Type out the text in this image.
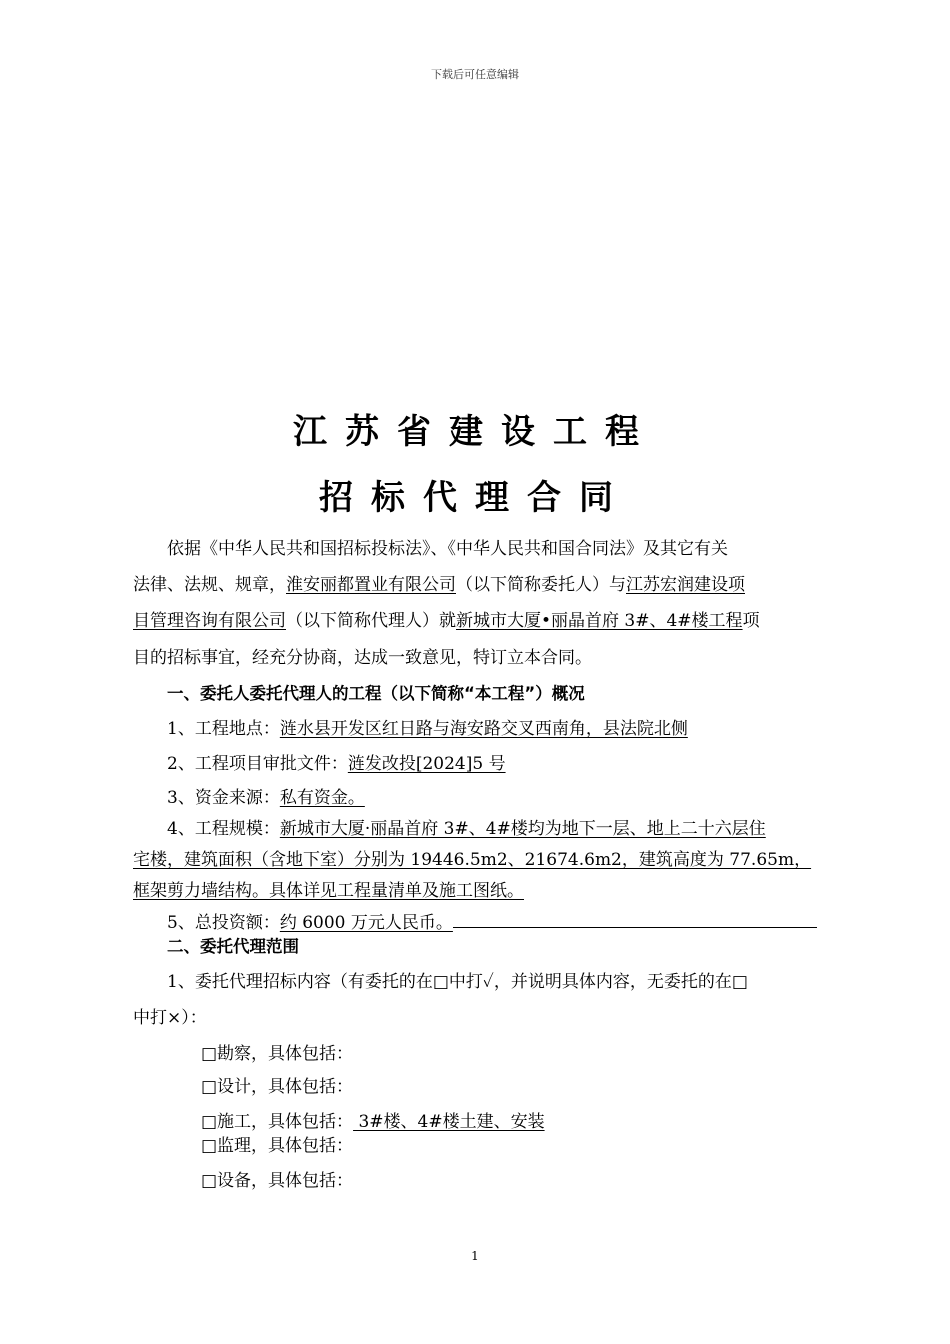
下载后可任意编辑
江苏省建设工程
招标代理合同
依据《中华人民共和国招标投标法》、《中华人民共和国合同法》及其它有关
法律、法规、规章，淮安丽都置业有限公司（以下简称委托人）与江苏宏润建设项
目管理咨询有限公司（以下简称代理人）就新城市大厦•丽晶首府 3#、4#楼工程项
目的招标事宜，经充分协商，达成一致意见，特订立本合同。
一、委托人委托代理人的工程（以下简称“本工程”）概况
1、工程地点：涟水县开发区红日路与海安路交叉西南角，县法院北侧
2、工程项目审批文件：涟发改投[2024]5 号
3、资金来源：私有资金。
4、工程规模：新城市大厦·丽晶首府 3#、4#楼均为地下一层、地上二十六层住
宅楼，建筑面积（含地下室）分别为 19446.5m2、21674.6m2，建筑高度为 77.65m，
框架剪力墙结构。具体详见工程量清单及施工图纸。
5、总投资额：约 6000 万元人民币。
二、委托代理范围
1、委托代理招标内容（有委托的在□中打✓，并说明具体内容，无委托的在□
中打×）：
□勘察，具体包括：
□设计，具体包括：
□施工，具体包括： 3#楼、4#楼土建、安装
□监理，具体包括：
□设备，具体包括：
1
